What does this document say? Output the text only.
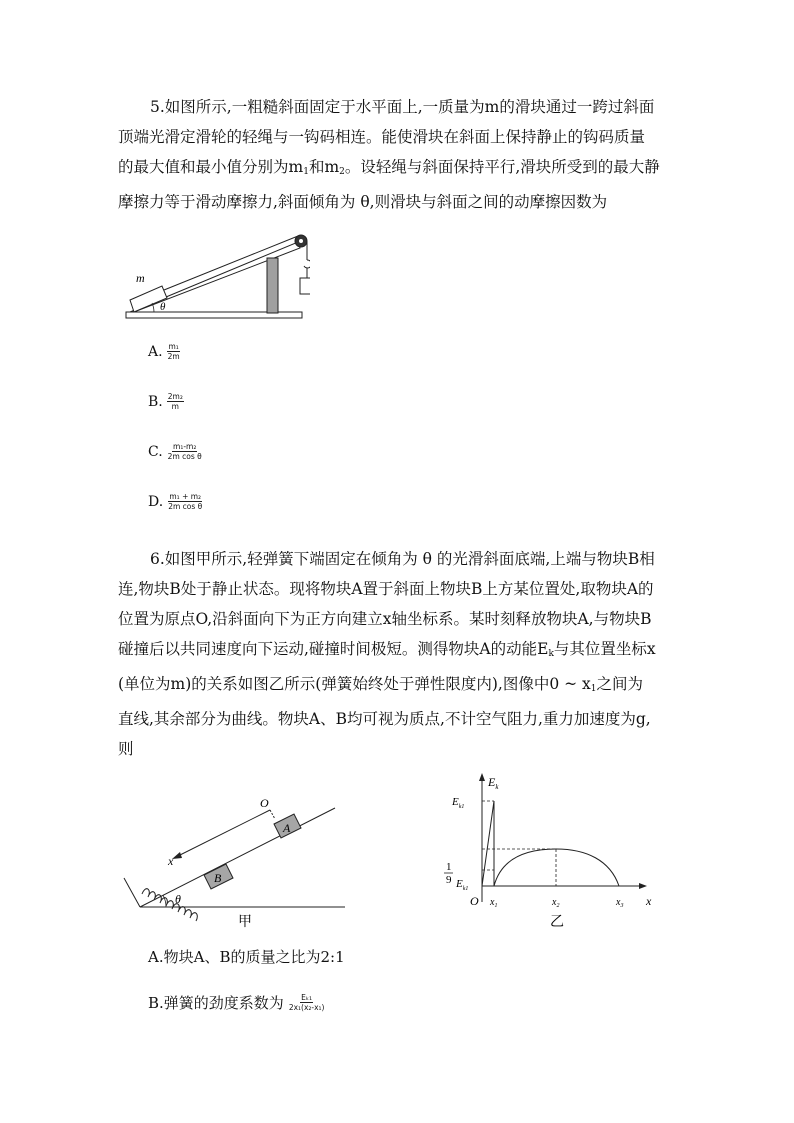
5.如图所示,一粗糙斜面固定于水平面上,一质量为m的滑块通过一跨过斜面
顶端光滑定滑轮的轻绳与一钩码相连。能使滑块在斜面上保持静止的钩码质量
的最大值和最小值分别为$m_1$和$m_2$。设轻绳与斜面保持平行,滑块所受到的最大静
摩擦力等于滑动摩擦力,斜面倾角为 θ,则滑块与斜面之间的动摩擦因数为
m
θ
A. $\frac{\text{m₁}}{2m}$
B. $\frac{\text{2m₂}}{m}$
C. $\frac{\text{m₁-m₂}}{\text{2m cos θ}}$
D. $\frac{\text{m₁ + m₂}}{\text{2m cos θ}}$
6.如图甲所示,轻弹簧下端固定在倾角为 θ 的光滑斜面底端,上端与物块B相
连,物块B处于静止状态。现将物块A置于斜面上物块B上方某位置处,取物块A的
位置为原点O,沿斜面向下为正方向建立x轴坐标系。某时刻释放物块A,与物块B
碰撞后以共同速度向下运动,碰撞时间极短。测得物块A的动能$E_k$与其位置坐标x
(单位为m)的关系如图乙所示(弹簧始终处于弹性限度内),图像中0 ~ $x_1$之间为
直线,其余部分为曲线。物块A、B均可视为质点,不计空气阻力,重力加速度为g,
则
B
A
x
O
θ
甲
$E_k$
$E_{k1}$
1
9 $E_{k1}$
O $x_1$	$x_2$	$x_3$ x
乙
A. 物块A、B的质量之比为2:1
B. 弹簧的劲度系数为 $\frac{\text{Eₖ₁}}{\text{2x₁(x₂-x₁)}}$
